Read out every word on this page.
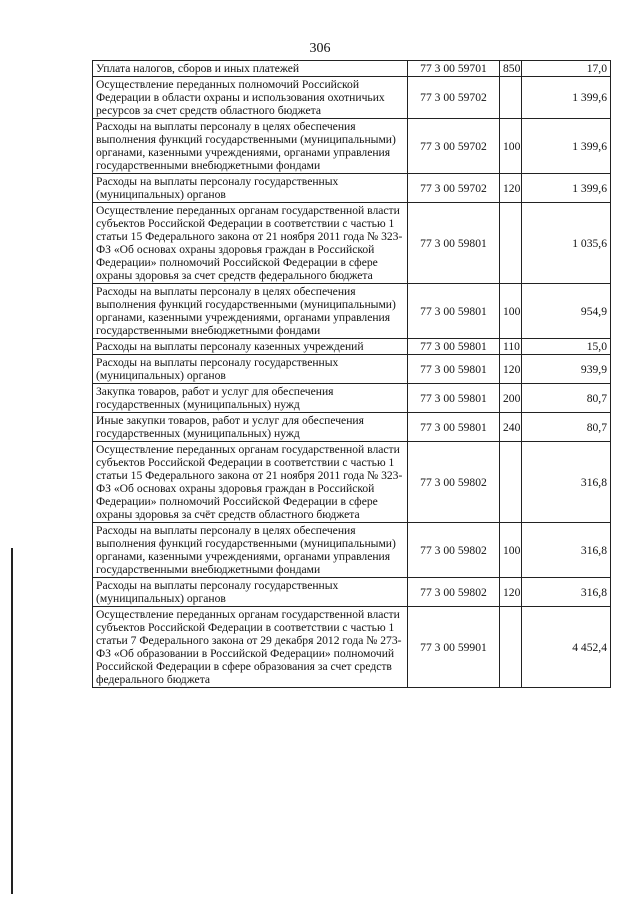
306
Уплата налогов, сборов и иных платежей	77 3 00 59701	850	17,0
Осуществление переданных полномочий Российской Федерации в области охраны и использования охотничьих ресурсов за счет средств областного бюджета	77 3 00 59702		1 399,6
Расходы на выплаты персоналу в целях обеспечения выполнения функций государственными (муниципальными) органами, казенными учреждениями, органами управления государственными внебюджетными фондами	77 3 00 59702	100	1 399,6
Расходы на выплаты персоналу государственных (муниципальных) органов	77 3 00 59702	120	1 399,6
Осуществление переданных органам государственной власти субъектов Российской Федерации в соответствии с частью 1 статьи 15 Федерального закона от 21 ноября 2011 года № 323-ФЗ «Об основах охраны здоровья граждан в Российской Федерации» полномочий Российской Федерации в сфере охраны здоровья за счет средств федерального бюджета	77 3 00 59801		1 035,6
Расходы на выплаты персоналу в целях обеспечения выполнения функций государственными (муниципальными) органами, казенными учреждениями, органами управления государственными внебюджетными фондами	77 3 00 59801	100	954,9
Расходы на выплаты персоналу казенных учреждений	77 3 00 59801	110	15,0
Расходы на выплаты персоналу государственных (муниципальных) органов	77 3 00 59801	120	939,9
Закупка товаров, работ и услуг для обеспечения государственных (муниципальных) нужд	77 3 00 59801	200	80,7
Иные закупки товаров, работ и услуг для обеспечения государственных (муниципальных) нужд	77 3 00 59801	240	80,7
Осуществление переданных органам государственной власти субъектов Российской Федерации в соответствии с частью 1 статьи 15 Федерального закона от 21 ноября 2011 года № 323-ФЗ «Об основах охраны здоровья граждан в Российской Федерации» полномочий Российской Федерации в сфере охраны здоровья за счёт средств областного бюджета	77 3 00 59802		316,8
Расходы на выплаты персоналу в целях обеспечения выполнения функций государственными (муниципальными) органами, казенными учреждениями, органами управления государственными внебюджетными фондами	77 3 00 59802	100	316,8
Расходы на выплаты персоналу государственных (муниципальных) органов	77 3 00 59802	120	316,8
Осуществление переданных органам государственной власти субъектов Российской Федерации в соответствии с частью 1 статьи 7 Федерального закона от 29 декабря 2012 года № 273-ФЗ «Об образовании в Российской Федерации» полномочий Российской Федерации в сфере образования за счет средств федерального бюджета	77 3 00 59901		4 452,4
